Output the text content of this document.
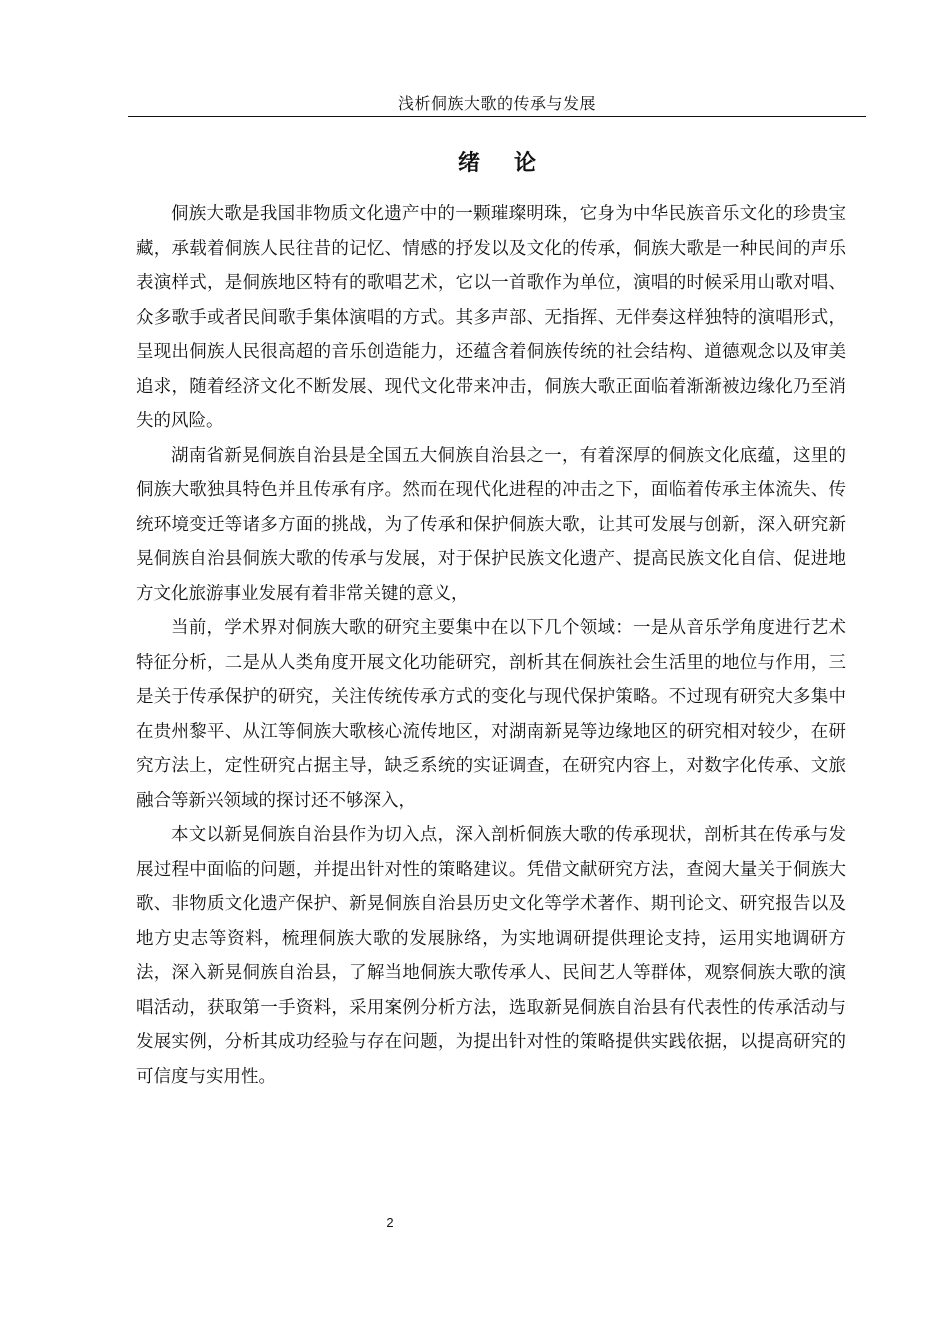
浅析侗族大歌的传承与发展
绪论

侗族大歌是我国非物质文化遗产中的一颗璀璨明珠，它身为中华民族音乐文化的珍贵宝藏，承载着侗族人民往昔的记忆、情感的抒发以及文化的传承，侗族大歌是一种民间的声乐表演样式，是侗族地区特有的歌唱艺术，它以一首歌作为单位，演唱的时候采用山歌对唱、众多歌手或者民间歌手集体演唱的方式。其多声部、无指挥、无伴奏这样独特的演唱形式，呈现出侗族人民很高超的音乐创造能力，还蕴含着侗族传统的社会结构、道德观念以及审美追求，随着经济文化不断发展、现代文化带来冲击，侗族大歌正面临着渐渐被边缘化乃至消失的风险。

湖南省新晃侗族自治县是全国五大侗族自治县之一，有着深厚的侗族文化底蕴，这里的侗族大歌独具特色并且传承有序。然而在现代化进程的冲击之下，面临着传承主体流失、传统环境变迁等诸多方面的挑战，为了传承和保护侗族大歌，让其可发展与创新，深入研究新晃侗族自治县侗族大歌的传承与发展，对于保护民族文化遗产、提高民族文化自信、促进地方文化旅游事业发展有着非常关键的意义，

当前，学术界对侗族大歌的研究主要集中在以下几个领域：一是从音乐学角度进行艺术特征分析，二是从人类角度开展文化功能研究，剖析其在侗族社会生活里的地位与作用，三是关于传承保护的研究，关注传统传承方式的变化与现代保护策略。不过现有研究大多集中在贵州黎平、从江等侗族大歌核心流传地区，对湖南新晃等边缘地区的研究相对较少，在研究方法上，定性研究占据主导，缺乏系统的实证调查，在研究内容上，对数字化传承、文旅融合等新兴领域的探讨还不够深入，

本文以新晃侗族自治县作为切入点，深入剖析侗族大歌的传承现状，剖析其在传承与发展过程中面临的问题，并提出针对性的策略建议。凭借文献研究方法，查阅大量关于侗族大歌、非物质文化遗产保护、新晃侗族自治县历史文化等学术著作、期刊论文、研究报告以及地方史志等资料，梳理侗族大歌的发展脉络，为实地调研提供理论支持，运用实地调研方法，深入新晃侗族自治县，了解当地侗族大歌传承人、民间艺人等群体，观察侗族大歌的演唱活动，获取第一手资料，采用案例分析方法，选取新晃侗族自治县有代表性的传承活动与发展实例，分析其成功经验与存在问题，为提出针对性的策略提供实践依据，以提高研究的可信度与实用性。

2
